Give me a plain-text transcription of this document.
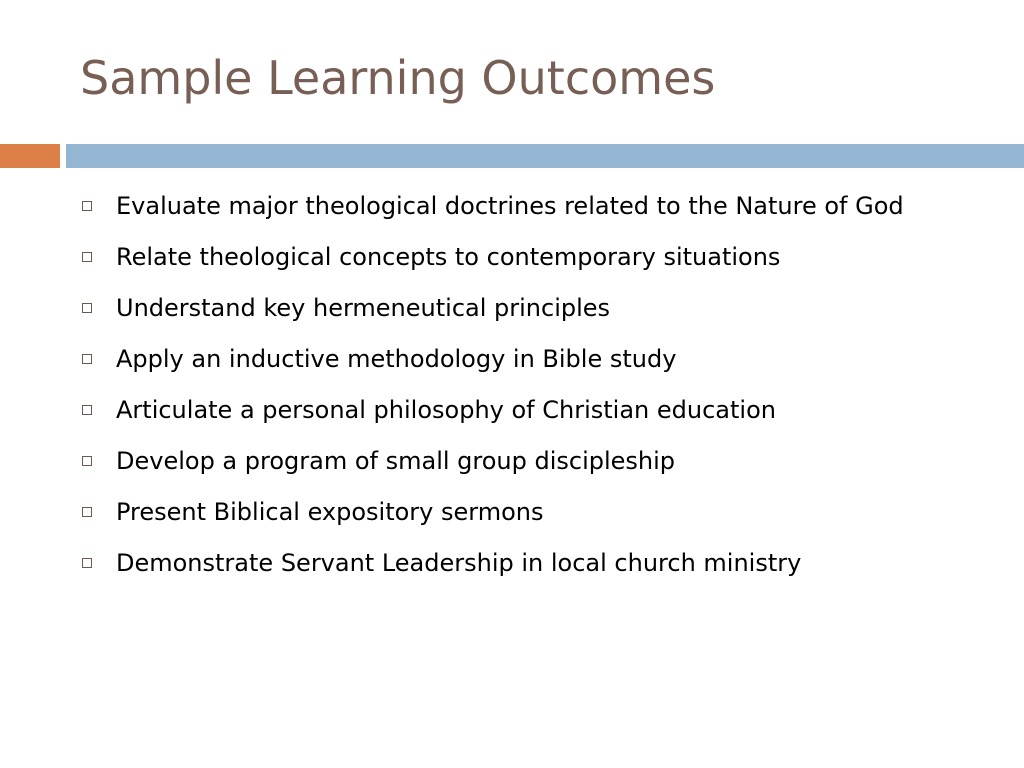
Sample Learning Outcomes
Evaluate major theological doctrines related to the Nature of God
Relate theological concepts to contemporary situations
Understand key hermeneutical principles
Apply an inductive methodology in Bible study
Articulate a personal philosophy of Christian education
Develop a program of small group discipleship
Present Biblical expository sermons
Demonstrate Servant Leadership in local church ministry
